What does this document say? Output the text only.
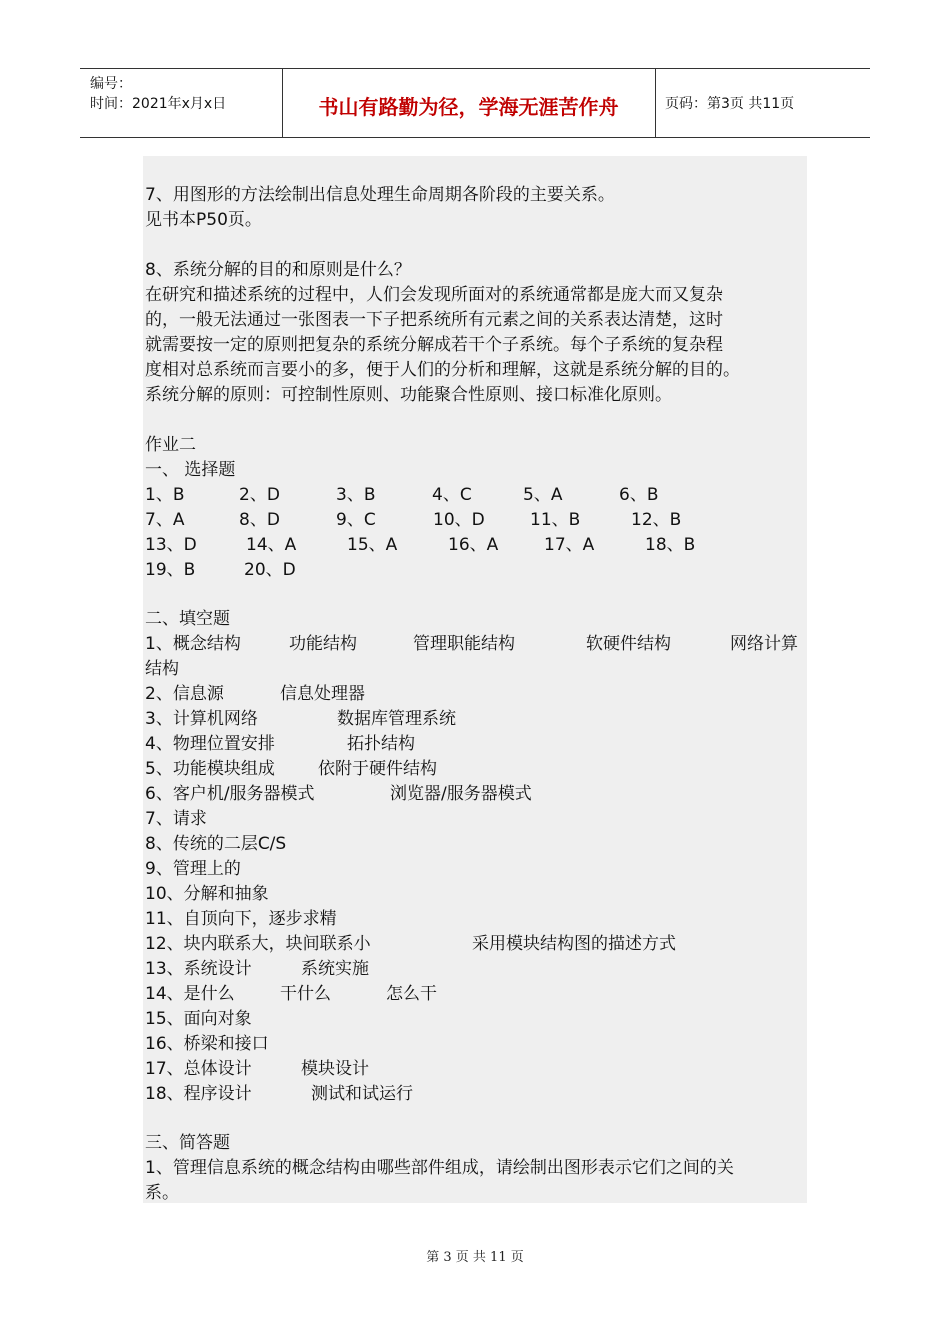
编号：
时间：2021年x月x日	书山有路勤为径，学海无涯苦作舟	页码：第3页 共11页
7、用图形的方法绘制出信息处理生命周期各阶段的主要关系。
见书本P50页。
8、系统分解的目的和原则是什么？
在研究和描述系统的过程中，人们会发现所面对的系统通常都是庞大而又复杂
的，一般无法通过一张图表一下子把系统所有元素之间的关系表达清楚，这时
就需要按一定的原则把复杂的系统分解成若干个子系统。每个子系统的复杂程
度相对总系统而言要小的多，便于人们的分析和理解，这就是系统分解的目的。
系统分解的原则：可控制性原则、功能聚合性原则、接口标准化原则。
作业二
一、 选择题
1、B	2、D	3、B	4、C	5、A	6、B
7、A	8、D	9、C	10、D	11、B	12、B
13、D	14、A	15、A	16、A	17、A	18、B
19、B	20、D
二、填空题
1、概念结构	功能结构	管理职能结构	软硬件结构	网络计算
结构
2、信息源	信息处理器
3、计算机网络	数据库管理系统
4、物理位置安排	拓扑结构
5、功能模块组成	依附于硬件结构
6、客户机/服务器模式	浏览器/服务器模式
7、请求
8、传统的二层C/S
9、管理上的
10、分解和抽象
11、自顶向下，逐步求精
12、块内联系大，块间联系小	采用模块结构图的描述方式
13、系统设计	系统实施
14、是什么	干什么	怎么干
15、面向对象
16、桥梁和接口
17、总体设计	模块设计
18、程序设计	测试和试运行
三、简答题
1、管理信息系统的概念结构由哪些部件组成，请绘制出图形表示它们之间的关
系。
第 3 页 共 11 页
